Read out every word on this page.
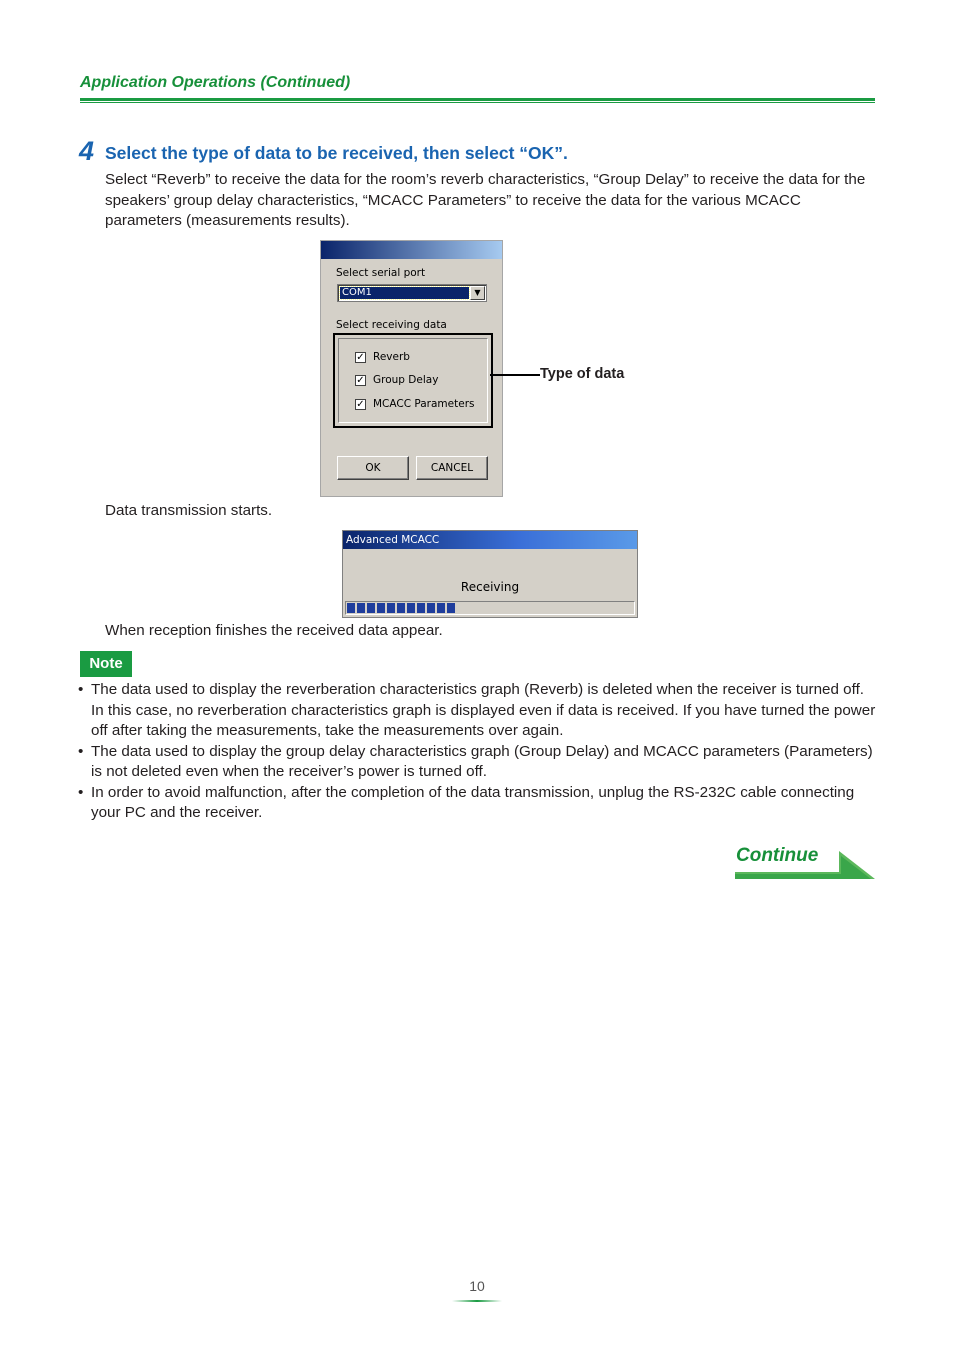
Application Operations (Continued)
4 Select the type of data to be received, then select “OK”.
Select “Reverb” to receive the data for the room’s reverb characteristics, “Group Delay” to receive the data for the speakers’ group delay characteristics, “MCACC Parameters” to receive the data for the various MCACC parameters (measurements results).
Select serial port
COM1	▼
Select receiving data
✓ Reverb
✓ Group Delay
✓ MCACC Parameters
OK	CANCEL
Type of data
Data transmission starts.
Advanced MCACC
Receiving
When reception finishes the received data appear.
Note
• The data used to display the reverberation characteristics graph (Reverb) is deleted when the receiver is turned off. In this case, no reverberation characteristics graph is displayed even if data is received. If you have turned the power off after taking the measurements, take the measurements over again.
• The data used to display the group delay characteristics graph (Group Delay) and MCACC parameters (Parameters) is not deleted even when the receiver’s power is turned off.
• In order to avoid malfunction, after the completion of the data transmission, unplug the RS-232C cable connecting your PC and the receiver.
Continue
10
